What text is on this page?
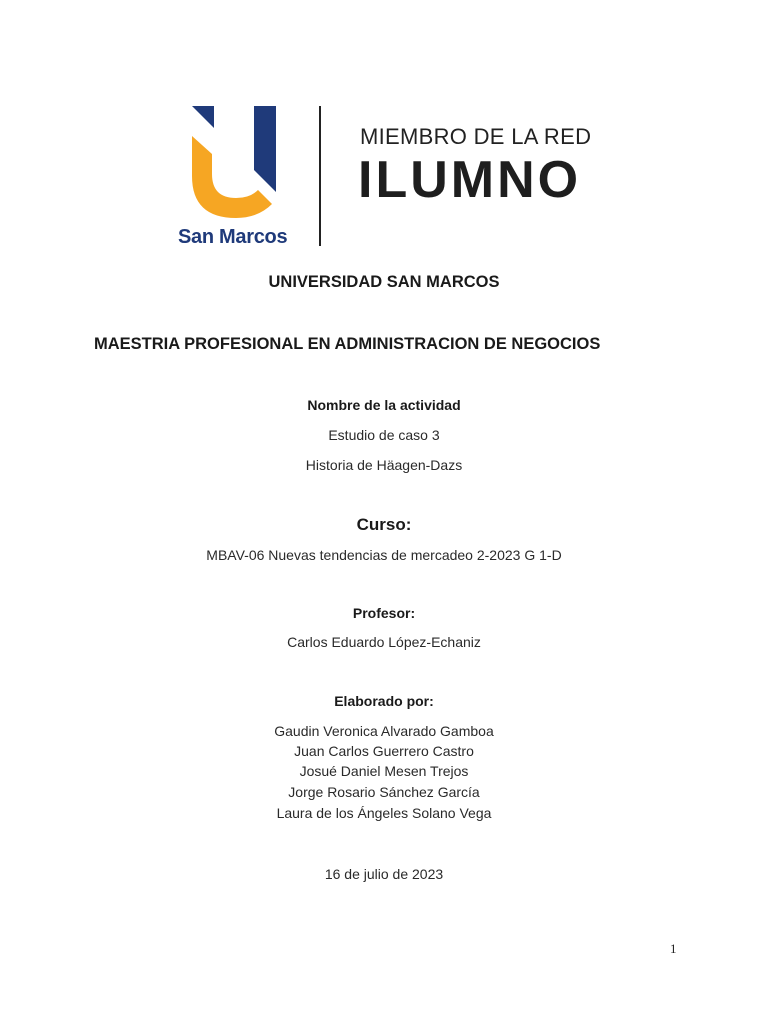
San Marcos
MIEMBRO DE LA RED
ILUMNO
UNIVERSIDAD SAN MARCOS
MAESTRIA PROFESIONAL EN ADMINISTRACION DE NEGOCIOS
Nombre de la actividad
Estudio de caso 3
Historia de Häagen-Dazs
Curso:
MBAV-06 Nuevas tendencias de mercadeo 2-2023 G 1-D
Profesor:
Carlos Eduardo López-Echaniz
Elaborado por:
Gaudin Veronica Alvarado Gamboa
Juan Carlos Guerrero Castro
Josué Daniel Mesen Trejos
Jorge Rosario Sánchez García
Laura de los Ángeles Solano Vega
16 de julio de 2023
1
